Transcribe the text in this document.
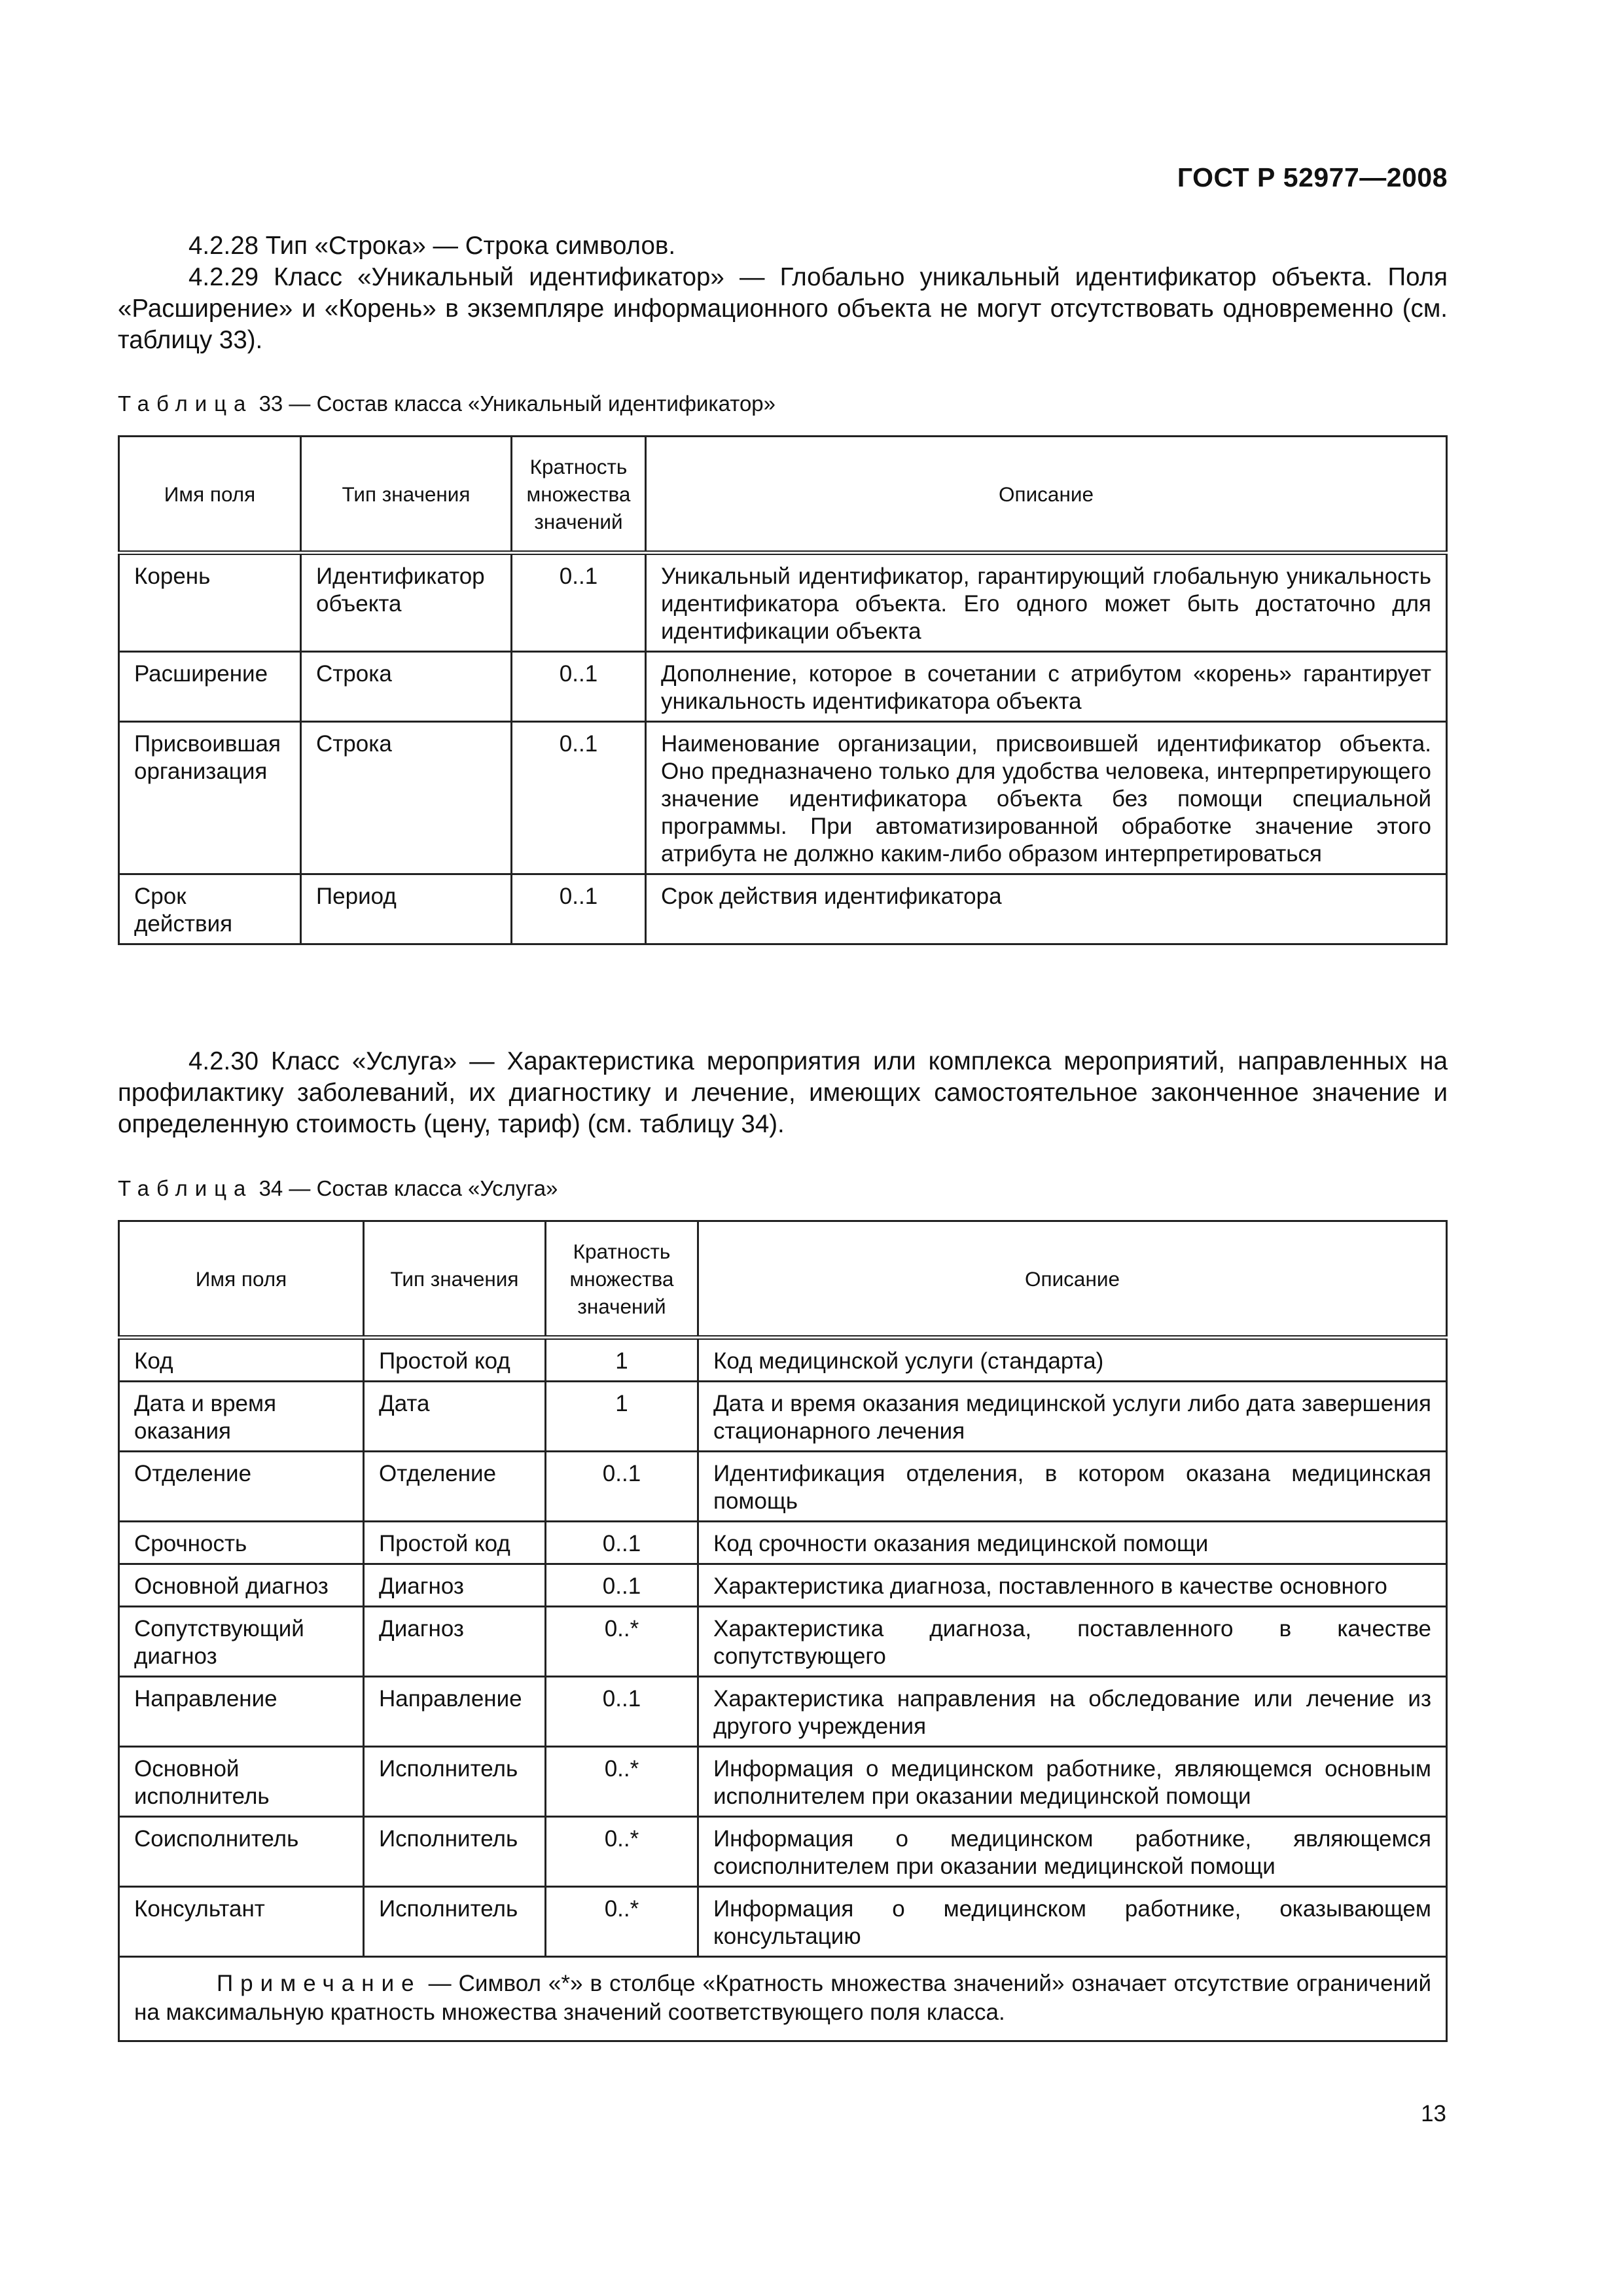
ГОСТ Р 52977—2008

4.2.28 Тип «Строка» — Строка символов.

4.2.29 Класс «Уникальный идентификатор» — Глобально уникальный идентификатор объекта. Поля «Расширение» и «Корень» в экземпляре информационного объекта не могут отсутствовать одновременно (см. таблицу 33).

Таблица 33 — Состав класса «Уникальный идентификатор»
Имя поля	Тип значения	Кратность множества значений	Описание
Корень	Идентификатор объекта	0..1	Уникальный идентификатор, гарантирующий глобальную уникальность идентификатора объекта. Его одного может быть достаточно для идентификации объекта
Расширение	Строка	0..1	Дополнение, которое в сочетании с атрибутом «корень» гарантирует уникальность идентификатора объекта
Присвоившая организация	Строка	0..1	Наименование организации, присвоившей идентификатор объекта. Оно предназначено только для удобства человека, интерпретирующего значение идентификатора объекта без помощи специальной программы. При автоматизированной обработке значение этого атрибута не должно каким-либо образом интерпретироваться
Срок действия	Период	0..1	Срок действия идентификатора

4.2.30 Класс «Услуга» — Характеристика мероприятия или комплекса мероприятий, направленных на профилактику заболеваний, их диагностику и лечение, имеющих самостоятельное законченное значение и определенную стоимость (цену, тариф) (см. таблицу 34).

Таблица 34 — Состав класса «Услуга»
Имя поля	Тип значения	Кратность множества значений	Описание
Код	Простой код	1	Код медицинской услуги (стандарта)
Дата и время оказания	Дата	1	Дата и время оказания медицинской услуги либо дата завершения стационарного лечения
Отделение	Отделение	0..1	Идентификация отделения, в котором оказана медицинская помощь
Срочность	Простой код	0..1	Код срочности оказания медицинской помощи
Основной диагноз	Диагноз	0..1	Характеристика диагноза, поставленного в качестве основного
Сопутствующий диагноз	Диагноз	0..*	Характеристика диагноза, поставленного в качестве сопутствующего
Направление	Направление	0..1	Характеристика направления на обследование или лечение из другого учреждения
Основной исполнитель	Исполнитель	0..*	Информация о медицинском работнике, являющемся основным исполнителем при оказании медицинской помощи
Соисполнитель	Исполнитель	0..*	Информация о медицинском работнике, являющемся соисполнителем при оказании медицинской помощи
Консультант	Исполнитель	0..*	Информация о медицинском работнике, оказывающем консультацию

Примечание — Символ «*» в столбце «Кратность множества значений» означает отсутствие ограничений на максимальную кратность множества значений соответствующего поля класса.			
13
